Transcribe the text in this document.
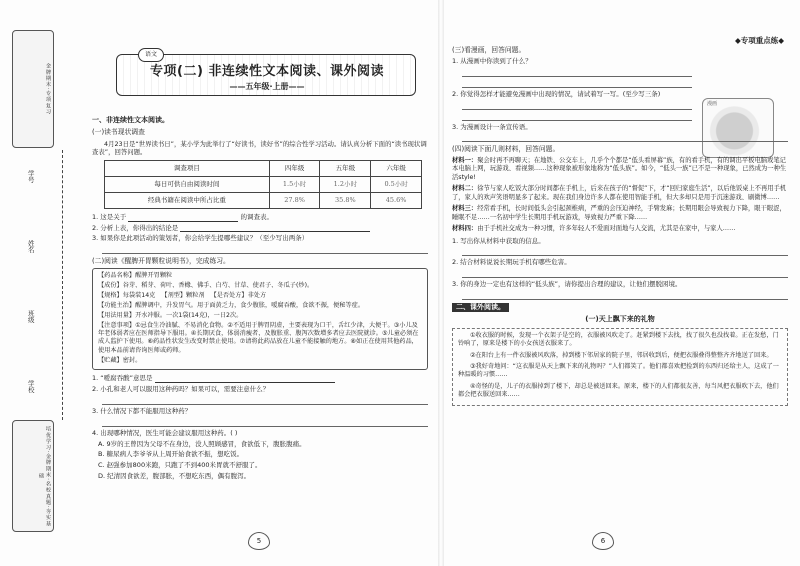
金牌期末·专项复习
学号
姓名
班级
学校
培优学习·金牌期末·名校真题·夯实基础
专项(二) 非连续性文本阅读、课外阅读
——五年级·上册——
语文
一、非连续性文本阅读。
(一)读书现状调查
4月23日是“世界读书日”，某小学为此举行了“好读书，读好书”的综合性学习活动。请认真分析下面的“读书现状调查表”，回答问题。
调查项目	四年级	五年级	六年级
每日可供自由阅读时间	1.5小时	1.2小时	0.5小时
经典书籍在阅读中所占比重	27.8%	35.8%	45.6%
1. 这是关于	的调查表。
2. 分析上表，你得出的结论是
3. 如果你是此项活动的策划者，你会给学生提哪些建议？（至少写出两条）
(二)阅读《醒脾开胃颗粒说明书》，完成练习。
【药品名称】醒脾开胃颗粒
【成份】谷芽、稻芽、荷叶、香橼、佛手、白芍、甘草、使君子、冬瓜子(炒)。
【规格】每袋装14克 【剂型】颗粒剂 【是否处方】非处方
【功能主治】醒脾调中，升发胃气。用于面黄乏力，食少腹胀，嗳腐吞酸，食欲不振，便秘等症。
【用法用量】开水冲服。一次1袋(14克)，一日2次。
【注意事项】①忌食生冷油腻、不易消化食物。②不适用于脾胃阴虚，主要表现为口干，舌红少津，大便干。③小儿及年老体弱者应在医师指导下服用。④长期厌食，体弱消瘦者，及腹胀重、腹泻次数增多者应去医院就诊。⑤儿童必须在成人监护下使用。⑥药品性状发生改变时禁止使用。⑦请将此药品放在儿童不能接触的地方。⑧如正在使用其他药品，使用本品前请咨询医师或药师。
【贮藏】密封。
1. “嗳腐吞酸”意思是
2. 小孔和老人可以服用这种药吗？如果可以，需要注意什么？
3. 什么情况下都不能服用这种药？
4. 出现哪种情况，医生可能会建议服用这种药。( )
A. 9岁的王曾因为父母不在身边，没人照顾感冒，食欲低下，腹胀腹痛。
B. 糖尿病人李爷爷从上周开始食欲不振，想吃饭。
C. 赵强参加800米跑，只跑了不到400米胃就不舒服了。
D. 纪清因食欲差，腹部胀，不想吃东西，偶有腹泻。
5
◆专项重点练◆
漫画
(三)看漫画，回答问题。
1. 从漫画中你读到了什么？
2. 你觉得怎样才能避免漫画中出现的情况，请试着写一写。(至少写三条)
3. 为漫画设计一条宣传语。
(四)阅读下面几则材料，回答问题。
材料一：聚会时再不再聊天；在地铁、公交车上，几乎个个都是“低头看屏幕”族，有的看手机，有的调出平板电脑或笔记本电脑上网，玩游戏、看视频……这种现象被形象地称为“低头族”。如今，“低头一族”已不是一种现象，已然成为一种生活style!
材料二：徐节与家人吃饭大部分时间都在手机上，后来在孩子的“督促”下，才“回归家庭生活”，以后他饭桌上不再用手机了，家人的欢声笑语明显多了起来。现在我们身边许多人都在使用智能手机，但大多却只是用于沉迷游戏、刷微博……
材料三：经常看手机，长时间低头会引起颈椎病，严重的会压迫神经，手臂发麻；长期用眼会导致视力下降，眼干眼涩，睡眠不足……一名初中学生长期用手机玩游戏，导致视力严重下降……
材料四：由于手机社交成为一种习惯，许多年轻人不爱面对面地与人交流，尤其是在家中，与家人……
1. 写出你从材料中获取的信息。
2. 结合材料说说长期玩手机有哪些危害。
3. 你的身边一定也有这样的“低头族”，请你提出合理的建议，让他们摆脱困境。
二、课外阅读。
(一)天上飘下来的礼物
①收衣服的时候，发现一个衣架子是空的，衣服被风吹走了。赶紧到楼下去找，找了很久也没找着。正在发愁，门铃响了，原来是楼下的小女孩送衣服来了。
②在阳台上有一件衣服被风吹落，掉到楼下邻居家的院子里，邻居收到后，便把衣服叠得整整齐齐地送了回来。
③我好奇地问：“这衣服是从天上飘下来的礼物吗？”人们都笑了。他们都喜欢把捡到的东西归还给主人，这成了一种温暖的习惯……
④奇怪的是，儿子的衣服掉到了楼下，却总是被送回来。原来，楼下的人们都很友善，每当风把衣服吹下去，他们都会把衣服送回来……
6
